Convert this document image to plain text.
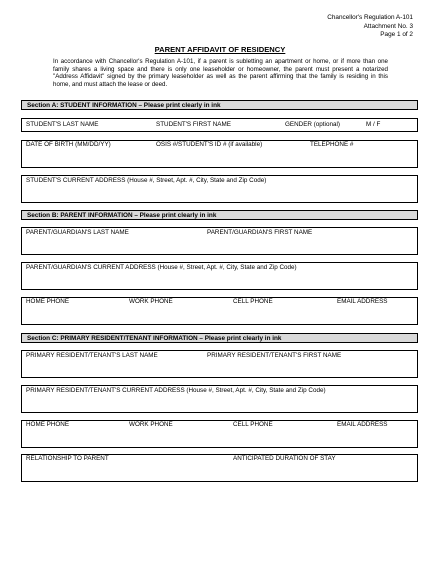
Chancellor's Regulation A-101
Attachment No. 3
Page 1 of 2
PARENT AFFIDAVIT OF RESIDENCY
In accordance with Chancellor's Regulation A-101, if a parent is subletting an apartment or home, or if more than one family shares a living space and there is only one leaseholder or homeowner, the parent must present a notarized "Address Affidavit" signed by the primary leaseholder as well as the parent affirming that the family is residing in this home, and must attach the lease or deed.
Section A: STUDENT INFORMATION – Please print clearly in ink
STUDENT'S LAST NAME	STUDENT'S FIRST NAME	GENDER (optional)	M / F
DATE OF BIRTH (MM/DD/YY)	OSIS #/STUDENT'S ID # (if available)	TELEPHONE #
STUDENT'S CURRENT ADDRESS (House #, Street, Apt. #, City, State and Zip Code)
Section B: PARENT INFORMATION – Please print clearly in ink
PARENT/GUARDIAN'S LAST NAME	PARENT/GUARDIAN'S FIRST NAME
PARENT/GUARDIAN'S CURRENT ADDRESS (House #, Street, Apt. #, City, State and Zip Code)
HOME PHONE	WORK PHONE	CELL PHONE	EMAIL ADDRESS
Section C: PRIMARY RESIDENT/TENANT INFORMATION – Please print clearly in ink
PRIMARY RESIDENT/TENANT'S LAST NAME	PRIMARY RESIDENT/TENANT'S FIRST NAME
PRIMARY RESIDENT/TENANT'S CURRENT ADDRESS (House #, Street, Apt. #, City, State and Zip Code)
HOME PHONE	WORK PHONE	CELL PHONE	EMAIL ADDRESS
RELATIONSHIP TO PARENT	ANTICIPATED DURATION OF STAY
